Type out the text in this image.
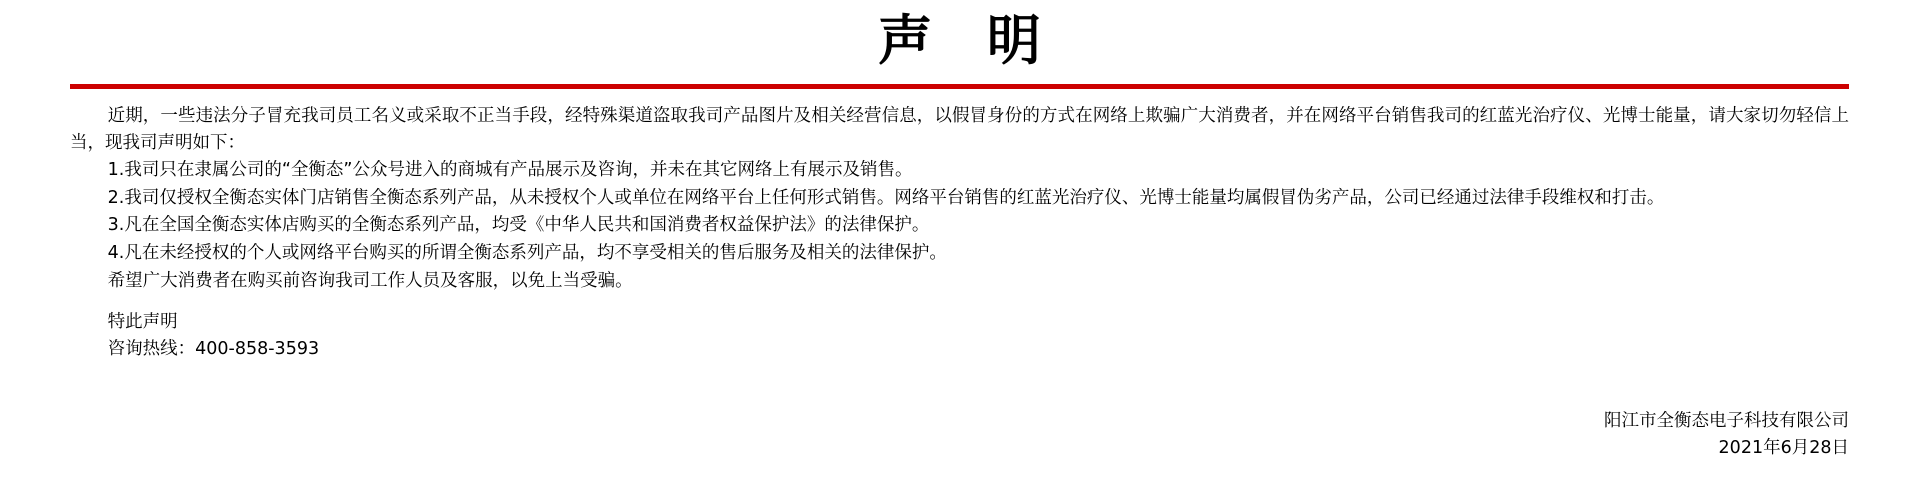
声 明

近期，一些违法分子冒充我司员工名义或采取不正当手段，经特殊渠道盗取我司产品图片及相关经营信息，以假冒身份的方式在网络上欺骗广大消费者，并在网络平台销售我司的红蓝光治疗仪、光博士能量，请大家切勿轻信上当，现我司声明如下：

1.我司只在隶属公司的“全衡态”公众号进入的商城有产品展示及咨询，并未在其它网络上有展示及销售。

2.我司仅授权全衡态实体门店销售全衡态系列产品，从未授权个人或单位在网络平台上任何形式销售。网络平台销售的红蓝光治疗仪、光博士能量均属假冒伪劣产品，公司已经通过法律手段维权和打击。

3.凡在全国全衡态实体店购买的全衡态系列产品，均受《中华人民共和国消费者权益保护法》的法律保护。

4.凡在未经授权的个人或网络平台购买的所谓全衡态系列产品，均不享受相关的售后服务及相关的法律保护。

希望广大消费者在购买前咨询我司工作人员及客服，以免上当受骗。

特此声明

咨询热线：400-858-3593

阳江市全衡态电子科技有限公司

2021年6月28日
